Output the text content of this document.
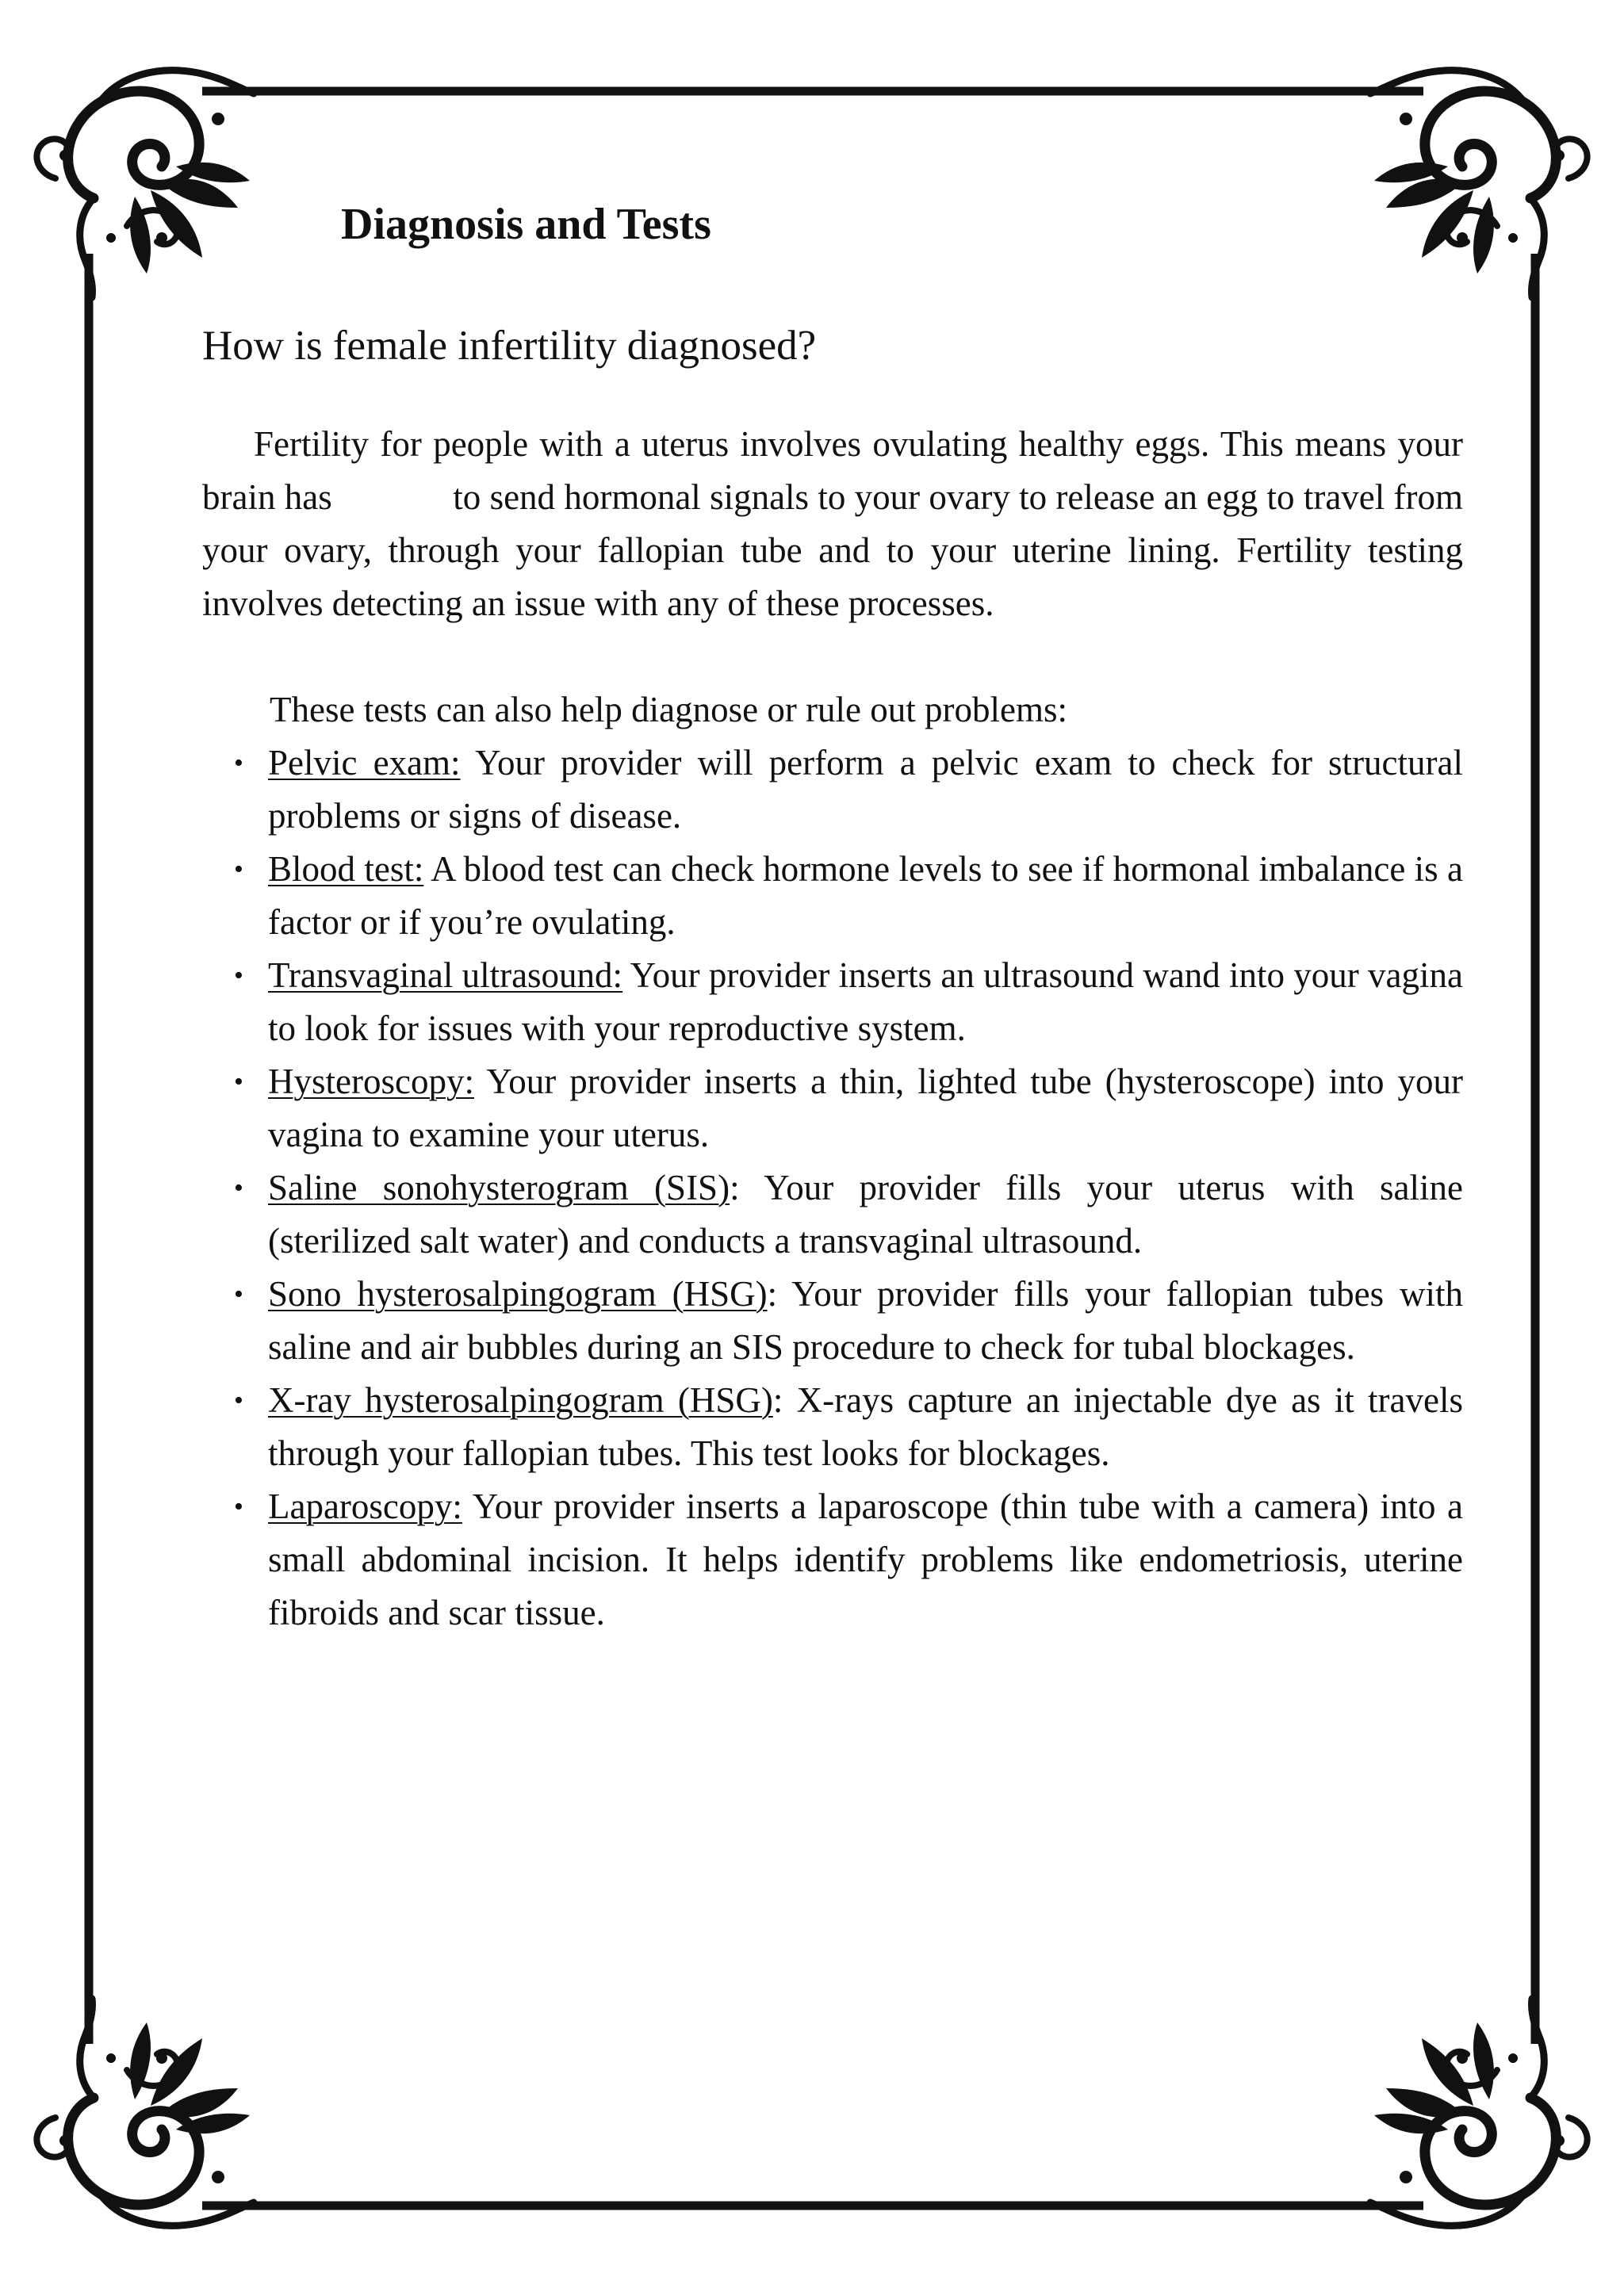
Diagnosis and Tests
How is female infertility diagnosed?

Fertility for people with a uterus involves ovulating healthy eggs. This means your brain has	to send hormonal signals to your ovary to release an egg to travel from your ovary, through your fallopian tube and to your uterine lining. Fertility testing involves detecting an issue with any of these processes.

These tests can also help diagnose or rule out problems:

• Pelvic exam: Your provider will perform a pelvic exam to check for structural problems or signs of disease.
• Blood test: A blood test can check hormone levels to see if hormonal imbalance is a factor or if you’re ovulating.
• Transvaginal ultrasound: Your provider inserts an ultrasound wand into your vagina to look for issues with your reproductive system.
• Hysteroscopy: Your provider inserts a thin, lighted tube (hysteroscope) into your vagina to examine your uterus.
• Saline sonohysterogram (SIS): Your provider fills your uterus with saline (sterilized salt water) and conducts a transvaginal ultrasound.
• Sono hysterosalpingogram (HSG): Your provider fills your fallopian tubes with saline and air bubbles during an SIS procedure to check for tubal blockages.
• X-ray hysterosalpingogram (HSG): X-rays capture an injectable dye as it travels through your fallopian tubes. This test looks for blockages.
• Laparoscopy: Your provider inserts a laparoscope (thin tube with a camera) into a small abdominal incision. It helps identify problems like endometriosis, uterine fibroids and scar tissue.
